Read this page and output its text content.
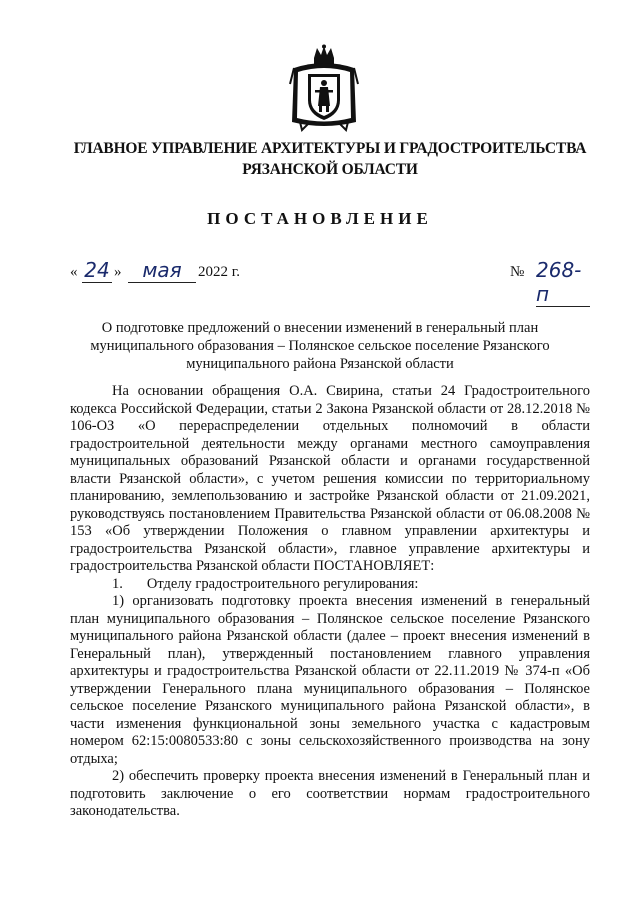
ГЛАВНОЕ УПРАВЛЕНИЕ АРХИТЕКТУРЫ И ГРАДОСТРОИТЕЛЬСТВА
РЯЗАНСКОЙ ОБЛАСТИ
ПОСТАНОВЛЕНИЕ
« 24 »	мая	2022 г.	№ 268-п
О подготовке предложений о внесении изменений в генеральный план
муниципального образования – Полянское сельское поселение Рязанского
муниципального района Рязанской области

На основании обращения О.А. Свирина, статьи 24 Градостроительного кодекса Российской Федерации, статьи 2 Закона Рязанской области от 28.12.2018 № 106-ОЗ «О перераспределении отдельных полномочий в области градостроительной деятельности между органами местного самоуправления муниципальных образований Рязанской области и органами государственной власти Рязанской области», с учетом решения комиссии по территориальному планированию, землепользованию и застройке Рязанской области от 21.09.2021, руководствуясь постановлением Правительства Рязанской области от 06.08.2008 № 153 «Об утверждении Положения о главном управлении архитектуры и градостроительства Рязанской области», главное управление архитектуры и градостроительства Рязанской области ПОСТАНОВЛЯЕТ:

1. Отделу градостроительного регулирования:

1) организовать подготовку проекта внесения изменений в генеральный план муниципального образования – Полянское сельское поселение Рязанского муниципального района Рязанской области (далее – проект внесения изменений в Генеральный план), утвержденный постановлением главного управления архитектуры и градостроительства Рязанской области от 22.11.2019 № 374-п «Об утверждении Генерального плана муниципального образования – Полянское сельское поселение Рязанского муниципального района Рязанской области», в части изменения функциональной зоны земельного участка с кадастровым номером 62:15:0080533:80 с зоны сельскохозяйственного производства на зону отдыха;

2) обеспечить проверку проекта внесения изменений в Генеральный план и подготовить заключение о его соответствии нормам градостроительного законодательства.
